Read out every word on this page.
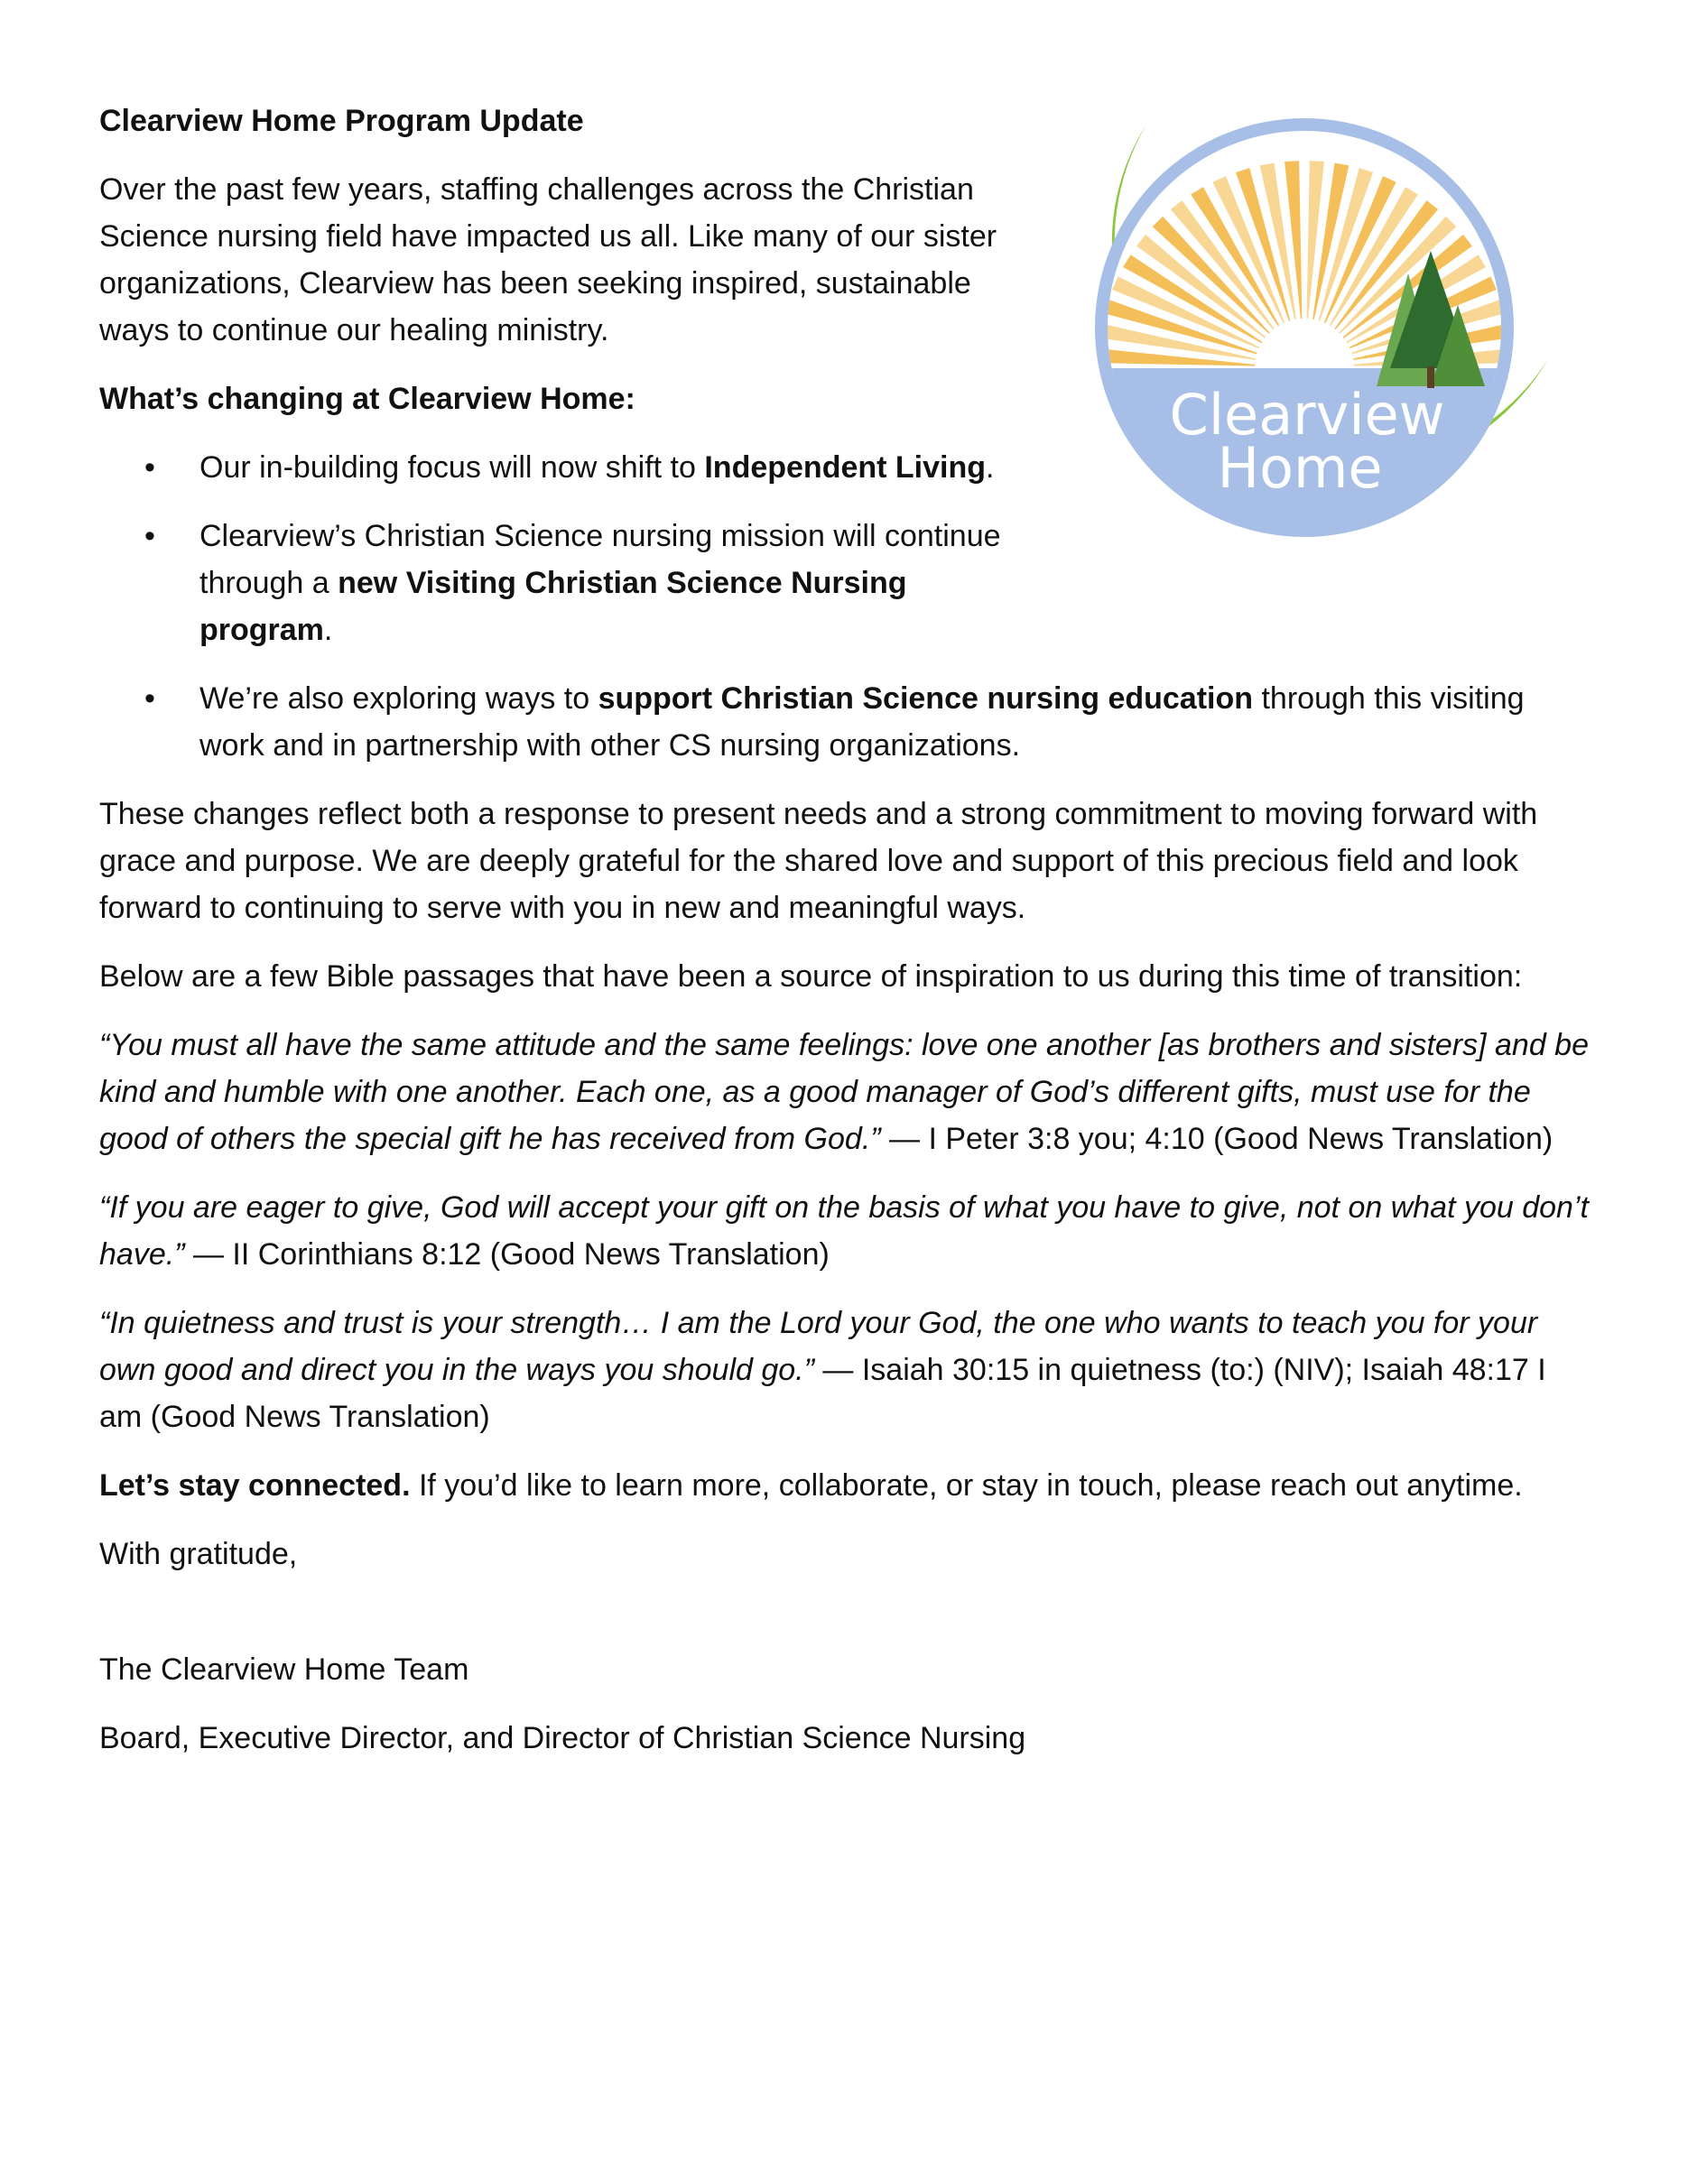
Clearview
Home
Clearview Home Program Update

Over the past few years, staffing challenges across the Christian Science nursing field have impacted us all. Like many of our sister organizations, Clearview has been seeking inspired, sustainable ways to continue our healing ministry.

What’s changing at Clearview Home:
• Our in-building focus will now shift to Independent Living.
• Clearview’s Christian Science nursing mission will continue through a new Visiting Christian Science Nursing program.
• We’re also exploring ways to support Christian Science nursing education through this visiting work and in partnership with other CS nursing organizations.

These changes reflect both a response to present needs and a strong commitment to moving forward with grace and purpose. We are deeply grateful for the shared love and support of this precious field and look forward to continuing to serve with you in new and meaningful ways.

Below are a few Bible passages that have been a source of inspiration to us during this time of transition:

“You must all have the same attitude and the same feelings: love one another [as brothers and sisters] and be kind and humble with one another. Each one, as a good manager of God’s different gifts, must use for the good of others the special gift he has received from God.” — I Peter 3:8 you; 4:10 (Good News Translation)

“If you are eager to give, God will accept your gift on the basis of what you have to give, not on what you don’t have.” — II Corinthians 8:12 (Good News Translation)

“In quietness and trust is your strength… I am the Lord your God, the one who wants to teach you for your own good and direct you in the ways you should go.” — Isaiah 30:15 in quietness (to:) (NIV); Isaiah 48:17 I am (Good News Translation)

Let’s stay connected. If you’d like to learn more, collaborate, or stay in touch, please reach out anytime.

With gratitude,

The Clearview Home Team

Board, Executive Director, and Director of Christian Science Nursing
